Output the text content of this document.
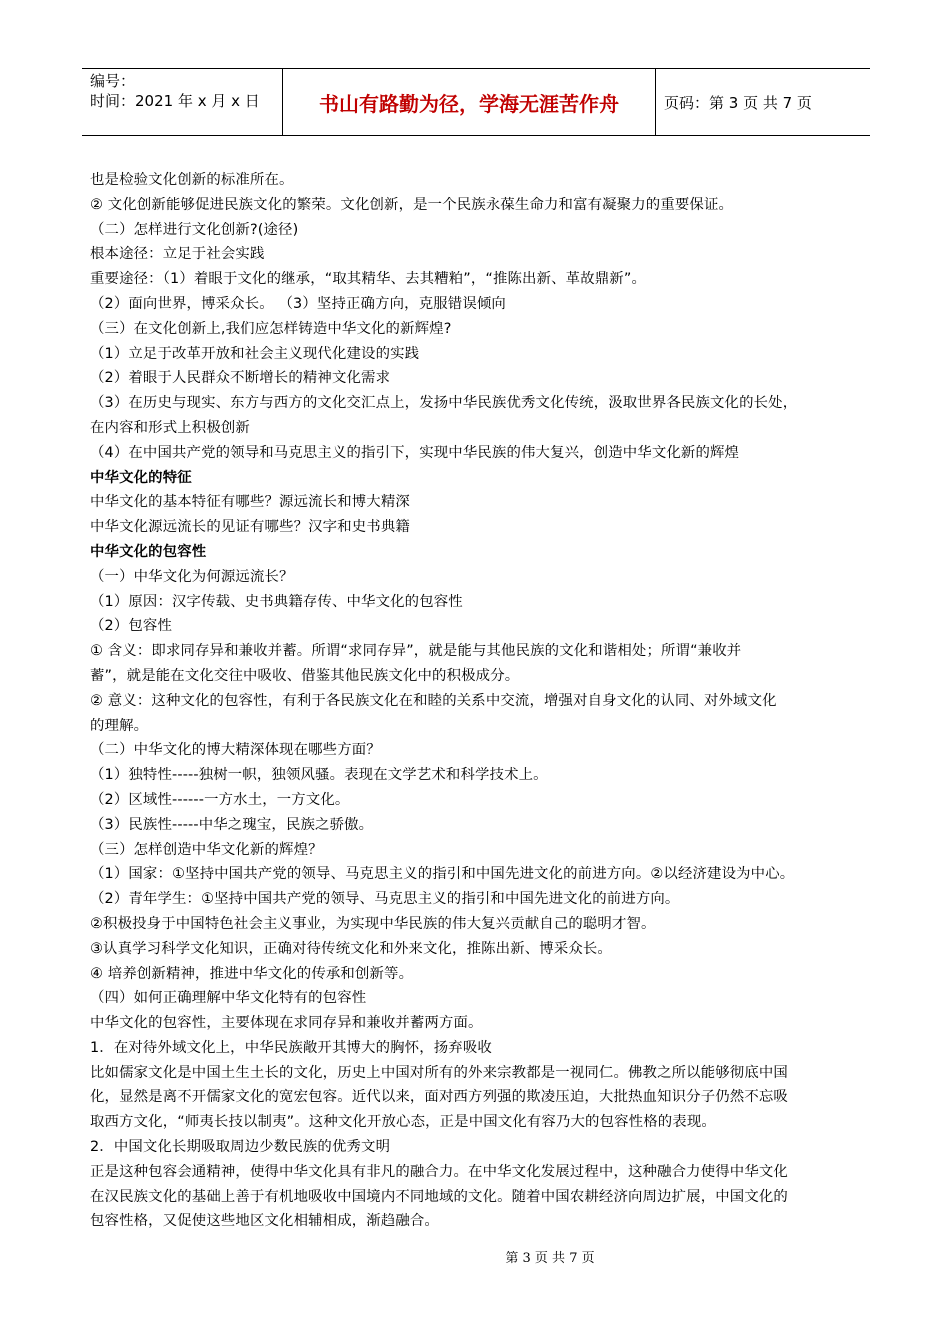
编号：
时间：2021 年 x 月 x 日	书山有路勤为径，学海无涯苦作舟	页码：第 3 页 共 7 页

也是检验文化创新的标准所在。

② 文化创新能够促进民族文化的繁荣。文化创新，是一个民族永葆生命力和富有凝聚力的重要保证。

（二）怎样进行文化创新?(途径)

根本途径：立足于社会实践

重要途径：（1）着眼于文化的继承，“取其精华、去其糟粕”，“推陈出新、革故鼎新”。

（2）面向世界，博采众长。 （3）坚持正确方向，克服错误倾向

（三）在文化创新上,我们应怎样铸造中华文化的新辉煌?

（1）立足于改革开放和社会主义现代化建设的实践

（2）着眼于人民群众不断增长的精神文化需求

（3）在历史与现实、东方与西方的文化交汇点上，发扬中华民族优秀文化传统，汲取世界各民族文化的长处，

在内容和形式上积极创新

（4）在中国共产党的领导和马克思主义的指引下，实现中华民族的伟大复兴，创造中华文化新的辉煌

中华文化的特征

中华文化的基本特征有哪些？源远流长和博大精深

中华文化源远流长的见证有哪些？汉字和史书典籍

中华文化的包容性

（一）中华文化为何源远流长？

（1）原因：汉字传载、史书典籍存传、中华文化的包容性

（2）包容性

① 含义：即求同存异和兼收并蓄。所谓“求同存异”，就是能与其他民族的文化和谐相处；所谓“兼收并

蓄”，就是能在文化交往中吸收、借鉴其他民族文化中的积极成分。

② 意义：这种文化的包容性，有利于各民族文化在和睦的关系中交流，增强对自身文化的认同、对外域文化

的理解。

（二）中华文化的博大精深体现在哪些方面？

（1）独特性-----独树一帜，独领风骚。表现在文学艺术和科学技术上。

（2）区域性------一方水土，一方文化。

（3）民族性-----中华之瑰宝，民族之骄傲。

（三）怎样创造中华文化新的辉煌？

（1）国家：①坚持中国共产党的领导、马克思主义的指引和中国先进文化的前进方向。②以经济建设为中心。

（2）青年学生：①坚持中国共产党的领导、马克思主义的指引和中国先进文化的前进方向。

②积极投身于中国特色社会主义事业，为实现中华民族的伟大复兴贡献自己的聪明才智。

③认真学习科学文化知识，正确对待传统文化和外来文化，推陈出新、博采众长。

④ 培养创新精神，推进中华文化的传承和创新等。

（四）如何正确理解中华文化特有的包容性

中华文化的包容性，主要体现在求同存异和兼收并蓄两方面。

1．在对待外域文化上，中华民族敞开其博大的胸怀，扬弃吸收

比如儒家文化是中国土生土长的文化，历史上中国对所有的外来宗教都是一视同仁。佛教之所以能够彻底中国

化，显然是离不开儒家文化的宽宏包容。近代以来，面对西方列强的欺凌压迫，大批热血知识分子仍然不忘吸

取西方文化，“师夷长技以制夷”。这种文化开放心态，正是中国文化有容乃大的包容性格的表现。

2．中国文化长期吸取周边少数民族的优秀文明

正是这种包容会通精神，使得中华文化具有非凡的融合力。在中华文化发展过程中，这种融合力使得中华文化

在汉民族文化的基础上善于有机地吸收中国境内不同地域的文化。随着中国农耕经济向周边扩展，中国文化的

包容性格，又促使这些地区文化相辅相成，渐趋融合。

第 3 页 共 7 页
